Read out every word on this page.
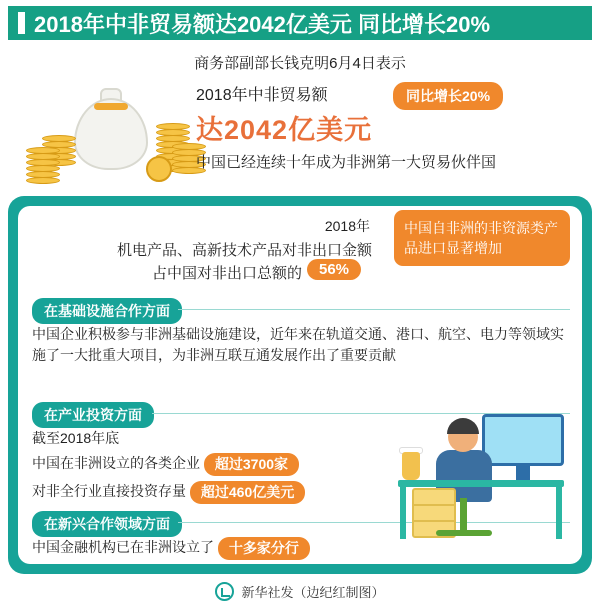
2018年中非贸易额达2042亿美元 同比增长20%
商务部副部长钱克明6月4日表示
2018年中非贸易额
达2042亿美元
中国已经连续十年成为非洲第一大贸易伙伴国
同比增长20%
2018年
机电产品、高新技术产品对非出口金额
占中国对非出口总额的	56%
中国自非洲的非资源类产品进口显著增加
在基础设施合作方面
中国企业积极参与非洲基础设施建设，近年来在轨道交通、港口、航空、电力等领域实施了一大批重大项目，为非洲互联互通发展作出了重要贡献
在产业投资方面
截至2018年底
中国在非洲设立的各类企业 超过3700家
对非全行业直接投资存量 超过460亿美元
在新兴合作领域方面
中国金融机构已在非洲设立了 十多家分行
新华社发（边纪红制图）
